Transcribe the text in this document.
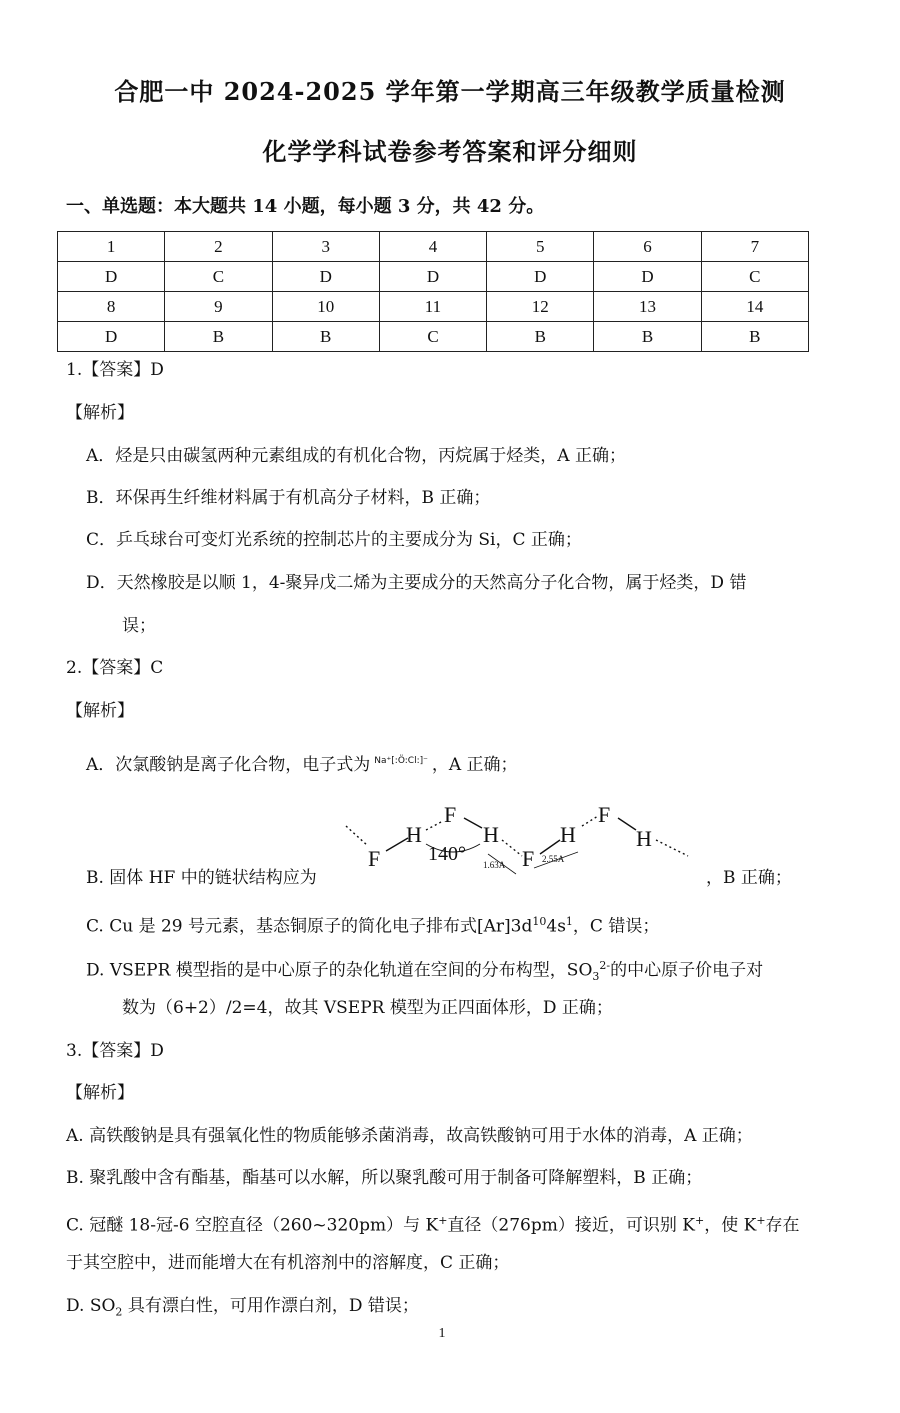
合肥一中 2024-2025 学年第一学期高三年级教学质量检测
化学学科试卷参考答案和评分细则
一、单选题：本大题共 14 小题，每小题 3 分，共 42 分。
1	2	3	4	5	6	7
D	C	D	D	D	D	C
8	9	10	11	12	13	14
D	B	B	C	B	B	B
1.【答案】D
【解析】
A．烃是只由碳氢两种元素组成的有机化合物，丙烷属于烃类，A 正确；
B．环保再生纤维材料属于有机高分子材料，B 正确；
C．乒乓球台可变灯光系统的控制芯片的主要成分为 Si，C 正确；
D．天然橡胶是以顺 1，4-聚异戊二烯为主要成分的天然高分子化合物，属于烃类，D 错
误；
2.【答案】C
【解析】
A．次氯酸钠是离子化合物，电子式为 $^{Na^+[:Ö:Cl:]^-}$ ，A 正确；
B. 固体 HF 中的链状结构应为
F
H
F
H
F
H
F
H
140° 1.63A
2.55A
，B 正确；
C. Cu 是 29 号元素，基态铜原子的简化电子排布式$[Ar]3d^{10}4s^1$，C 错误；
D. VSEPR 模型指的是中心原子的杂化轨道在空间的分布构型，$SO_3^{2-}$的中心原子价电子对
数为（6+2）/2=4，故其 VSEPR 模型为正四面体形，D 正确；
3.【答案】D
【解析】
A. 高铁酸钠是具有强氧化性的物质能够杀菌消毒，故高铁酸钠可用于水体的消毒，A 正确；
B. 聚乳酸中含有酯基，酯基可以水解，所以聚乳酸可用于制备可降解塑料，B 正确；
C. 冠醚 18-冠-6 空腔直径（260~320pm）与 K+直径（276pm）接近，可识别 K+，使 K+存在
于其空腔中，进而能增大在有机溶剂中的溶解度，C 正确；
D. $SO_2$ 具有漂白性，可用作漂白剂，D 错误；
1
